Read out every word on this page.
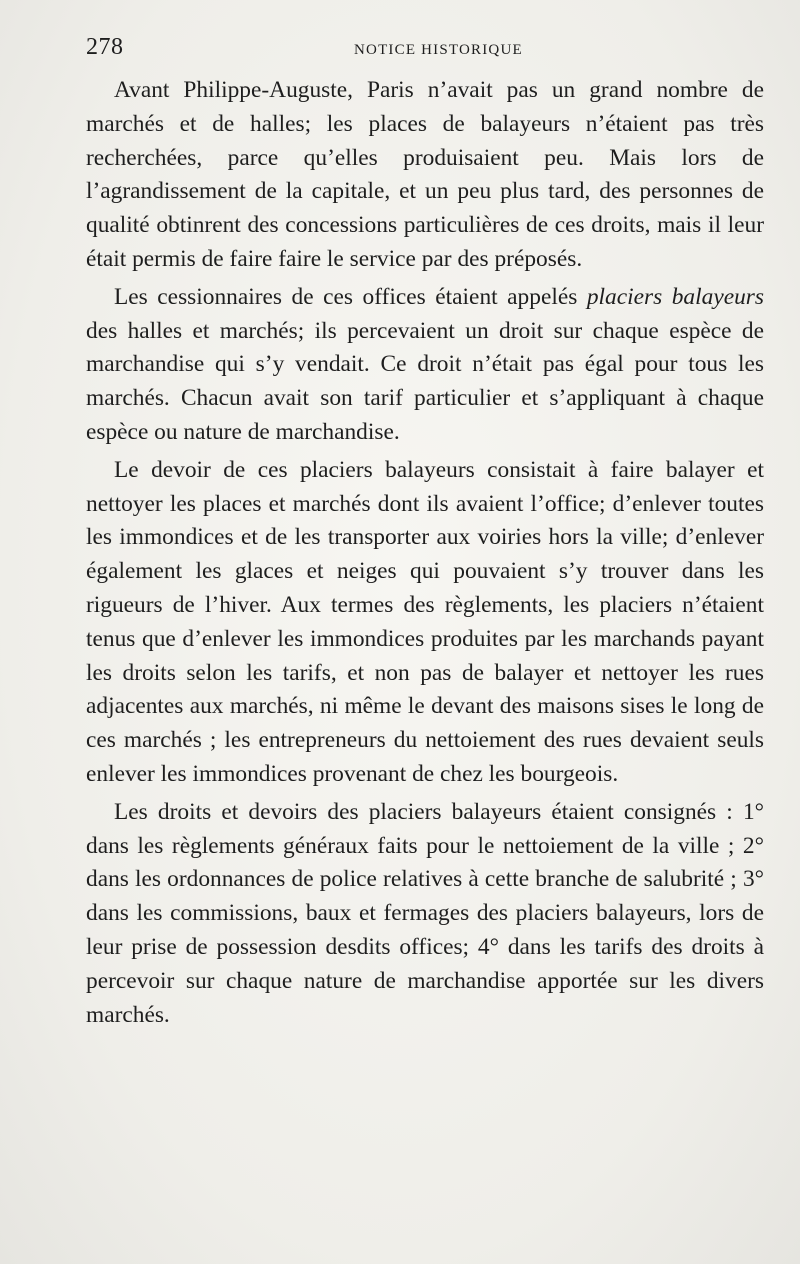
278	NOTICE HISTORIQUE

Avant Philippe-Auguste, Paris n’avait pas un grand nombre de marchés et de halles; les places de balayeurs n’étaient pas très recherchées, parce qu’elles produisaient peu. Mais lors de l’agrandissement de la capitale, et un peu plus tard, des personnes de qualité obtinrent des concessions particulières de ces droits, mais il leur était permis de faire faire le service par des préposés.

Les cessionnaires de ces offices étaient appelés placiers balayeurs des halles et marchés; ils percevaient un droit sur chaque espèce de marchandise qui s’y vendait. Ce droit n’était pas égal pour tous les marchés. Chacun avait son tarif particulier et s’appliquant à chaque espèce ou nature de marchandise.

Le devoir de ces placiers balayeurs consistait à faire balayer et nettoyer les places et marchés dont ils avaient l’office; d’enlever toutes les immondices et de les transporter aux voiries hors la ville; d’enlever également les glaces et neiges qui pouvaient s’y trouver dans les rigueurs de l’hiver. Aux termes des règlements, les placiers n’étaient tenus que d’enlever les immondices produites par les marchands payant les droits selon les tarifs, et non pas de balayer et nettoyer les rues adjacentes aux marchés, ni même le devant des maisons sises le long de ces marchés ; les entrepreneurs du nettoiement des rues devaient seuls enlever les immondices provenant de chez les bourgeois.

Les droits et devoirs des placiers balayeurs étaient consignés : 1° dans les règlements généraux faits pour le nettoiement de la ville ; 2° dans les ordonnances de police relatives à cette branche de salubrité ; 3° dans les commissions, baux et fermages des placiers balayeurs, lors de leur prise de possession desdits offices; 4° dans les tarifs des droits à percevoir sur chaque nature de marchandise apportée sur les divers marchés.
